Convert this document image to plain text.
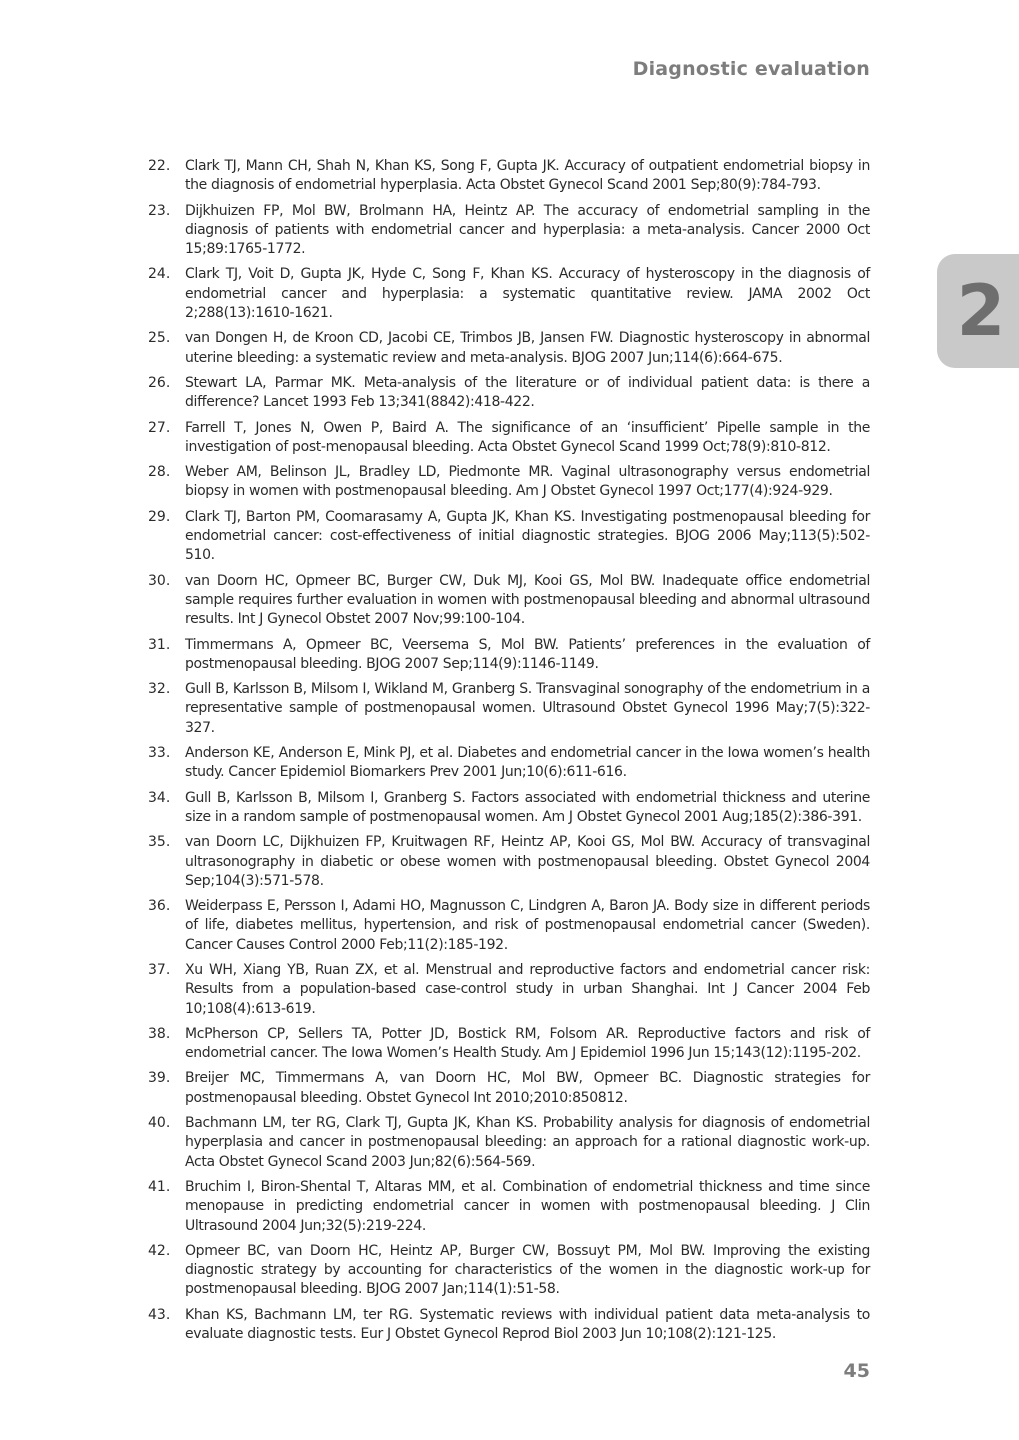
Diagnostic evaluation
2
22.	Clark TJ, Mann CH, Shah N, Khan KS, Song F, Gupta JK. Accuracy of outpatient endometrial biopsy in the diagnosis of endometrial hyperplasia. Acta Obstet Gynecol Scand 2001 Sep;80(9):784-793.
23.	Dijkhuizen FP, Mol BW, Brolmann HA, Heintz AP. The accuracy of endometrial sampling in the diagnosis of patients with endometrial cancer and hyperplasia: a meta-analysis. Cancer 2000 Oct 15;89:1765-1772.
24.	Clark TJ, Voit D, Gupta JK, Hyde C, Song F, Khan KS. Accuracy of hysteroscopy in the diagnosis of endometrial cancer and hyperplasia: a systematic quantitative review. JAMA 2002 Oct 2;288(13):1610-1621.
25.	van Dongen H, de Kroon CD, Jacobi CE, Trimbos JB, Jansen FW. Diagnostic hysteroscopy in abnormal uterine bleeding: a systematic review and meta-analysis. BJOG 2007 Jun;114(6):664-675.
26.	Stewart LA, Parmar MK. Meta-analysis of the literature or of individual patient data: is there a difference? Lancet 1993 Feb 13;341(8842):418-422.
27.	Farrell T, Jones N, Owen P, Baird A. The significance of an ‘insufficient’ Pipelle sample in the investigation of post-menopausal bleeding. Acta Obstet Gynecol Scand 1999 Oct;78(9):810-812.
28.	Weber AM, Belinson JL, Bradley LD, Piedmonte MR. Vaginal ultrasonography versus endometrial biopsy in women with postmenopausal bleeding. Am J Obstet Gynecol 1997 Oct;177(4):924-929.
29.	Clark TJ, Barton PM, Coomarasamy A, Gupta JK, Khan KS. Investigating postmenopausal bleeding for endometrial cancer: cost-effectiveness of initial diagnostic strategies. BJOG 2006 May;113(5):502-510.
30.	van Doorn HC, Opmeer BC, Burger CW, Duk MJ, Kooi GS, Mol BW. Inadequate office endometrial sample requires further evaluation in women with postmenopausal bleeding and abnormal ultrasound results. Int J Gynecol Obstet 2007 Nov;99:100-104.
31.	Timmermans A, Opmeer BC, Veersema S, Mol BW. Patients’ preferences in the evaluation of postmenopausal bleeding. BJOG 2007 Sep;114(9):1146-1149.
32.	Gull B, Karlsson B, Milsom I, Wikland M, Granberg S. Transvaginal sonography of the endometrium in a representative sample of postmenopausal women. Ultrasound Obstet Gynecol 1996 May;7(5):322-327.
33.	Anderson KE, Anderson E, Mink PJ, et al. Diabetes and endometrial cancer in the Iowa women’s health study. Cancer Epidemiol Biomarkers Prev 2001 Jun;10(6):611-616.
34.	Gull B, Karlsson B, Milsom I, Granberg S. Factors associated with endometrial thickness and uterine size in a random sample of postmenopausal women. Am J Obstet Gynecol 2001 Aug;185(2):386-391.
35.	van Doorn LC, Dijkhuizen FP, Kruitwagen RF, Heintz AP, Kooi GS, Mol BW. Accuracy of transvaginal ultrasonography in diabetic or obese women with postmenopausal bleeding. Obstet Gynecol 2004 Sep;104(3):571-578.
36.	Weiderpass E, Persson I, Adami HO, Magnusson C, Lindgren A, Baron JA. Body size in different periods of life, diabetes mellitus, hypertension, and risk of postmenopausal endometrial cancer (Sweden). Cancer Causes Control 2000 Feb;11(2):185-192.
37.	Xu WH, Xiang YB, Ruan ZX, et al. Menstrual and reproductive factors and endometrial cancer risk: Results from a population-based case-control study in urban Shanghai. Int J Cancer 2004 Feb 10;108(4):613-619.
38.	McPherson CP, Sellers TA, Potter JD, Bostick RM, Folsom AR. Reproductive factors and risk of endometrial cancer. The Iowa Women’s Health Study. Am J Epidemiol 1996 Jun 15;143(12):1195-202.
39.	Breijer MC, Timmermans A, van Doorn HC, Mol BW, Opmeer BC. Diagnostic strategies for postmenopausal bleeding. Obstet Gynecol Int 2010;2010:850812.
40.	Bachmann LM, ter RG, Clark TJ, Gupta JK, Khan KS. Probability analysis for diagnosis of endometrial hyperplasia and cancer in postmenopausal bleeding: an approach for a rational diagnostic work-up. Acta Obstet Gynecol Scand 2003 Jun;82(6):564-569.
41.	Bruchim I, Biron-Shental T, Altaras MM, et al. Combination of endometrial thickness and time since menopause in predicting endometrial cancer in women with postmenopausal bleeding. J Clin Ultrasound 2004 Jun;32(5):219-224.
42.	Opmeer BC, van Doorn HC, Heintz AP, Burger CW, Bossuyt PM, Mol BW. Improving the existing diagnostic strategy by accounting for characteristics of the women in the diagnostic work-up for postmenopausal bleeding. BJOG 2007 Jan;114(1):51-58.
43.	Khan KS, Bachmann LM, ter RG. Systematic reviews with individual patient data meta-analysis to evaluate diagnostic tests. Eur J Obstet Gynecol Reprod Biol 2003 Jun 10;108(2):121-125.
45
